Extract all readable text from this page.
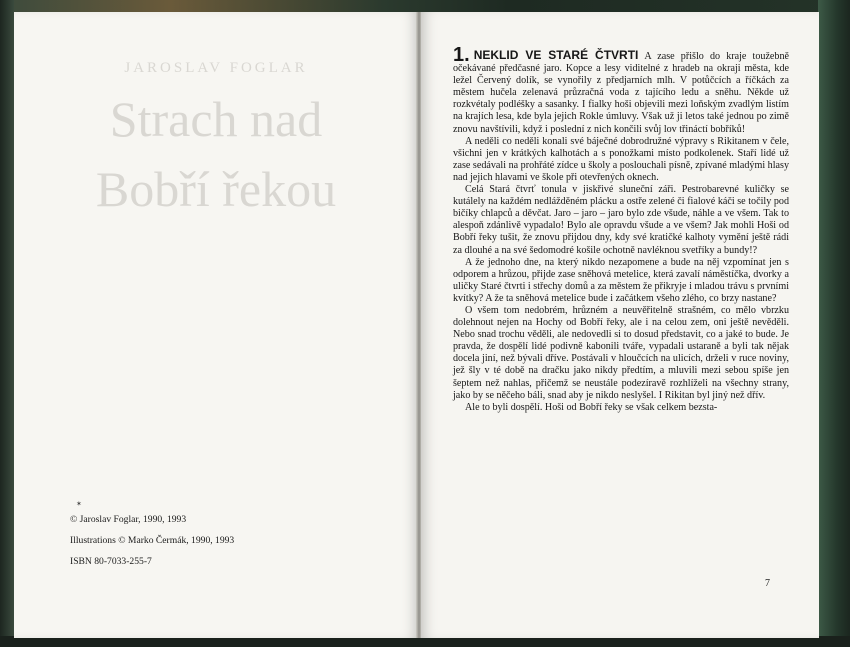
JAROSLAV FOGLAR
Strach nad
Bobří řekou
✶
© Jaroslav Foglar, 1990, 1993
Illustrations © Marko Čermák, 1990, 1993
ISBN 80-7033-255-7

1. NEKLID VE STARÉ ČTVRTI A zase přišlo do kraje toužebně očekávané předčasné jaro. Kopce a lesy viditelné z hradeb na okraji města, kde ležel Červený dolík, se vynořily z předjarních mlh. V potůčcích a říčkách za městem hučela zelenavá průzračná voda z tajícího ledu a sněhu. Někde už rozkvétaly podléšky a sasanky. I fialky hoši objevili mezi loňským zvadlým listím na krajích lesa, kde byla jejich Rokle úmluvy. Však už ji letos také jednou po zimě znovu navštívili, když i poslední z nich končili svůj lov třináctí bobříků!

A neděli co neděli konali své báječné dobrodružné výpravy s Rikitanem v čele, všichni jen v krátkých kalhotách a s ponožkami místo podkolenek. Staří lidé už zase sedávali na prohřáté zídce u školy a poslouchali písně, zpívané mladými hlasy nad jejich hlavami ve škole při otevřených oknech.

Celá Stará čtvrť tonula v jiskřivé sluneční záři. Pestrobarevné kuličky se kutálely na každém nedlážděném plácku a ostře zelené či fialové káči se točily pod bičíky chlapců a děvčat. Jaro – jaro – jaro bylo zde všude, náhle a ve všem. Tak to alespoň zdánlivě vypadalo! Bylo ale opravdu všude a ve všem? Jak mohli Hoši od Bobří řeky tušit, že znovu přijdou dny, kdy své kratičké kalhoty vymění ještě rádi za dlouhé a na své šedomodré košile ochotně navléknou svetříky a bundy!?

A že jednoho dne, na který nikdo nezapomene a bude na něj vzpomínat jen s odporem a hrůzou, přijde zase sněhová metelice, která zavalí náměstíčka, dvorky a uličky Staré čtvrti i střechy domů a za městem že přikryje i mladou trávu s prvními kvítky? A že ta sněhová metelice bude i začátkem všeho zlého, co brzy nastane?

O všem tom nedobrém, hrůzném a neuvěřitelně strašném, co mělo vbrzku dolehnout nejen na Hochy od Bobří řeky, ale i na celou zem, oni ještě nevěděli. Nebo snad trochu věděli, ale nedovedli si to dosud představit, co a jaké to bude. Je pravda, že dospělí lidé podivně kabonili tváře, vypadali ustaraně a byli tak nějak docela jiní, než bývali dříve. Postávali v hloučcích na ulicích, drželi v ruce noviny, jež šly v té době na dračku jako nikdy předtím, a mluvili mezi sebou spíše jen šeptem než nahlas, přičemž se neustále podezíravě rozhlíželi na všechny strany, jako by se něčeho báli, snad aby je nikdo neslyšel. I Rikitan byl jiný než dřív.

Ale to byli dospělí. Hoši od Bobří řeky se však celkem bezsta-

7
